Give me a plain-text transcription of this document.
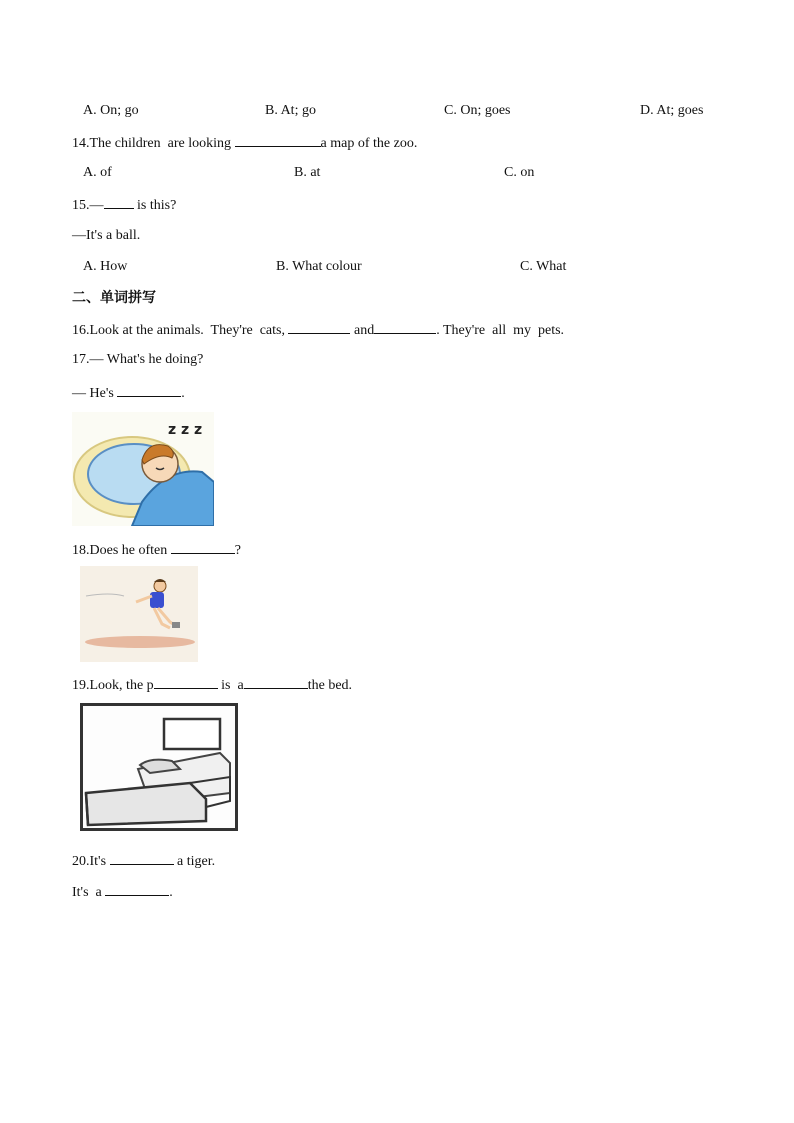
A. On; go	B. At; go	C. On; goes	D. At; goes
14.The children  are looking	a map of the zoo.
A. of	B. at	C. on
15.— is this?
—It's a ball.
A. How	B. What colour	C. What
二、单词拼写
16.Look at the animals.  They're  cats,	and	. They're  all  my  pets.
17.— What's he doing?
— He's	.
z z z
18.Does he often	?
19.Look, the p	is  a	the bed.
20.It's	a tiger.
It's  a	.
